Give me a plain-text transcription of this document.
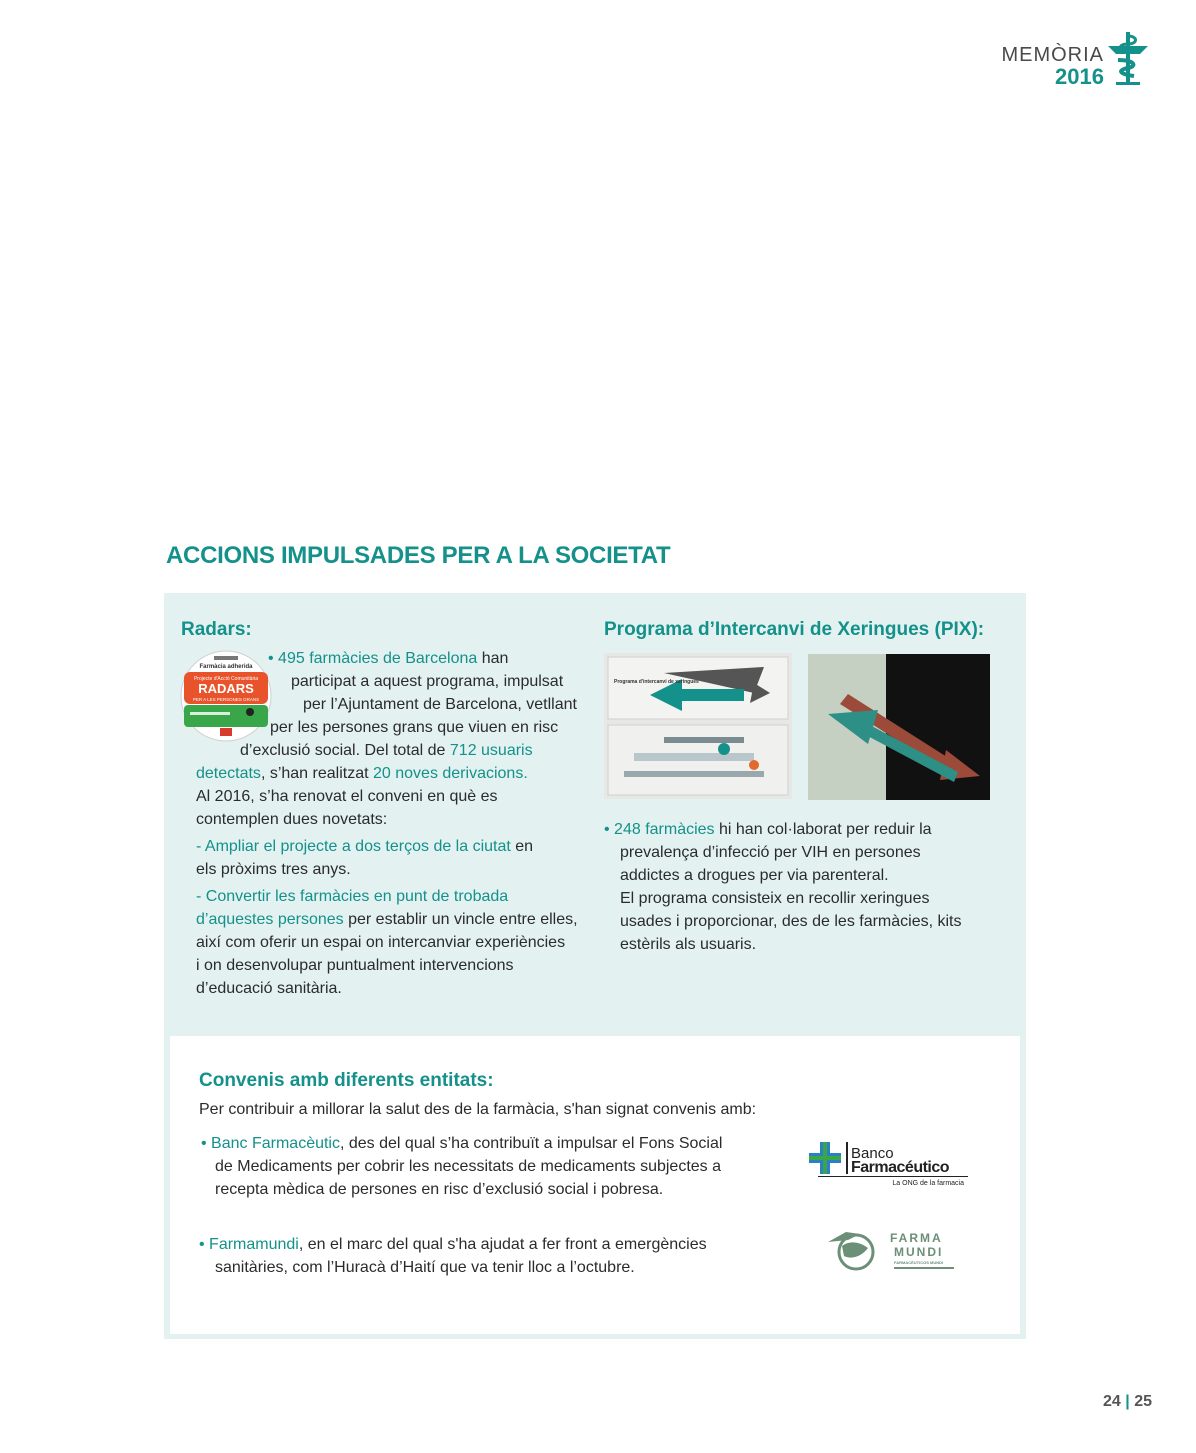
MEMÒRIA
2016
ACCIONS IMPULSADES PER A LA SOCIETAT
Radars:
Farmàcia adherida
Projecte d'Acció Comunitària
RADARS
PER A LES PERSONES GRANS
• 495 farmàcies de Barcelona han
participat a aquest programa, impulsat
per l’Ajuntament de Barcelona, vetllant
per les persones grans que viuen en risc
d’exclusió social. Del total de 712 usuaris
detectats, s’han realitzat 20 noves derivacions.
Al 2016, s’ha renovat el conveni en què es
contemplen dues novetats:
- Ampliar el projecte a dos terços de la ciutat en
els pròxims tres anys.
- Convertir les farmàcies en punt de trobada
d’aquestes persones per establir un vincle entre elles,
així com oferir un espai on intercanviar experiències
i on desenvolupar puntualment intervencions
d’educació sanitària.
Programa d’Intercanvi de Xeringues (PIX):
Programa d'intercanvi de xeringues
• 248 farmàcies hi han col·laborat per reduir la
prevalença d’infecció per VIH en persones
addictes a drogues per via parenteral.
El programa consisteix en recollir xeringues
usades i proporcionar, des de les farmàcies, kits
estèrils als usuaris.
Convenis amb diferents entitats:
Per contribuir a millorar la salut des de la farmàcia, s'han signat convenis amb:
• Banc Farmacèutic, des del qual s’ha contribuït a impulsar el Fons Social
de Medicaments per cobrir les necessitats de medicaments subjectes a
recepta mèdica de persones en risc d’exclusió social i pobresa.
• Farmamundi, en el marc del qual s'ha ajudat a fer front a emergències
sanitàries, com l’Huracà d’Haití que va tenir lloc a l’octubre.
Banco
Farmacéutico
La ONG de la farmacia
FARMA
MUNDI
FARMACÉUTICOS MUNDI
24 | 25
